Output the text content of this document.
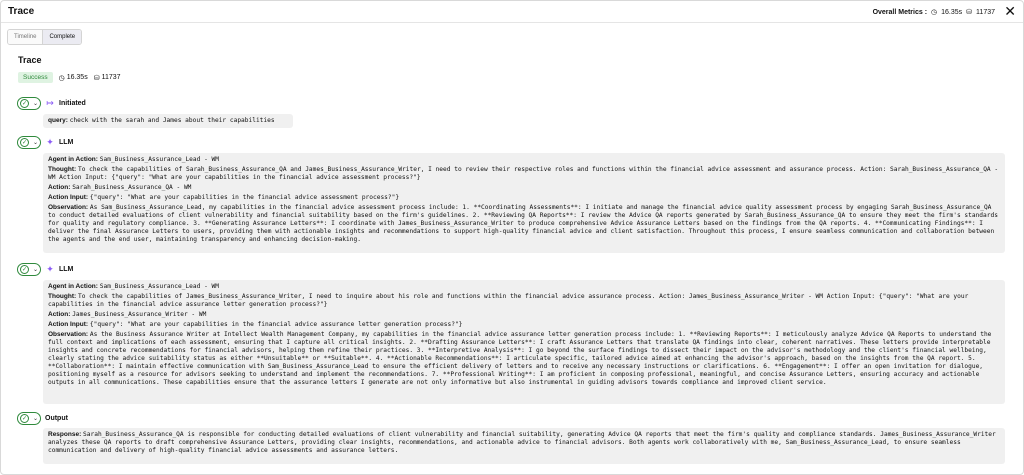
Trace	Overall Metrics : ◷ 16.35s ⛁ 11737 ✕
Timeline	Complete
Trace
Success	◷ 16.35s ⛁ 11737
✓ ⌄ ↦ Initiated
query: check with the sarah and James about their capabilities
✓ ⌄ ✦ LLM
Agent in Action: Sam_Business_Assurance_Lead - WM
Thought: To check the capabilities of Sarah_Business_Assurance_QA and James_Business_Assurance_Writer, I need to review their respective roles and functions within the financial advice assessment and assurance process. Action: Sarah_Business_Assurance_QA - WM Action Input: {"query": "What are your capabilities in the financial advice assessment process?"}
Action: Sarah_Business_Assurance_QA - WM
Action Input: {"query": "What are your capabilities in the financial advice assessment process?"}
Observation: As Sam_Business_Assurance_Lead, my capabilities in the financial advice assessment process include: 1. **Coordinating Assessments**: I initiate and manage the financial advice quality assessment process by engaging Sarah_Business_Assurance_QA to conduct detailed evaluations of client vulnerability and financial suitability based on the firm's guidelines. 2. **Reviewing QA Reports**: I review the Advice QA reports generated by Sarah_Business_Assurance_QA to ensure they meet the firm's standards for quality and regulatory compliance. 3. **Generating Assurance Letters**: I coordinate with James_Business_Assurance_Writer to produce comprehensive Advice Assurance Letters based on the findings from the QA reports. 4. **Communicating Findings**: I deliver the final Assurance Letters to users, providing them with actionable insights and recommendations to support high-quality financial advice and client satisfaction. Throughout this process, I ensure seamless communication and collaboration between the agents and the end user, maintaining transparency and enhancing decision-making.
✓ ⌄ ✦ LLM
Agent in Action: Sam_Business_Assurance_Lead - WM
Thought: To check the capabilities of James_Business_Assurance_Writer, I need to inquire about his role and functions within the financial advice assurance process. Action: James_Business_Assurance_Writer - WM Action Input: {"query": "What are your capabilities in the financial advice assurance letter generation process?"}
Action: James_Business_Assurance_Writer - WM
Action Input: {"query": "What are your capabilities in the financial advice assurance letter generation process?"}
Observation: As the Business Assurance Writer at Intellect Wealth Management Company, my capabilities in the financial advice assurance letter generation process include: 1. **Reviewing Reports**: I meticulously analyze Advice QA Reports to understand the full context and implications of each assessment, ensuring that I capture all critical insights. 2. **Drafting Assurance Letters**: I craft Assurance Letters that translate QA findings into clear, coherent narratives. These letters provide interpretable insights and concrete recommendations for financial advisors, helping them refine their practices. 3. **Interpretive Analysis**: I go beyond the surface findings to dissect their impact on the advisor's methodology and the client's financial wellbeing, clearly stating the advice suitability status as either **Unsuitable** or **Suitable**. 4. **Actionable Recommendations**: I articulate specific, tailored advice aimed at enhancing the advisor's approach, based on the insights from the QA report. 5. **Collaboration**: I maintain effective communication with Sam_Business_Assurance_Lead to ensure the efficient delivery of letters and to receive any necessary instructions or clarifications. 6. **Engagement**: I offer an open invitation for dialogue, positioning myself as a resource for advisors seeking to understand and implement the recommendations. 7. **Professional Writing**: I am proficient in composing professional, meaningful, and concise Assurance Letters, ensuring accuracy and actionable outputs in all communications. These capabilities ensure that the assurance letters I generate are not only informative but also instrumental in guiding advisors towards compliance and improved client service.
✓ ⌄ Output
Response: Sarah_Business_Assurance_QA is responsible for conducting detailed evaluations of client vulnerability and financial suitability, generating Advice QA reports that meet the firm's quality and compliance standards. James_Business_Assurance_Writer analyzes these QA reports to draft comprehensive Assurance Letters, providing clear insights, recommendations, and actionable advice to financial advisors. Both agents work collaboratively with me, Sam_Business_Assurance_Lead, to ensure seamless communication and delivery of high-quality financial advice assessments and assurance letters.
